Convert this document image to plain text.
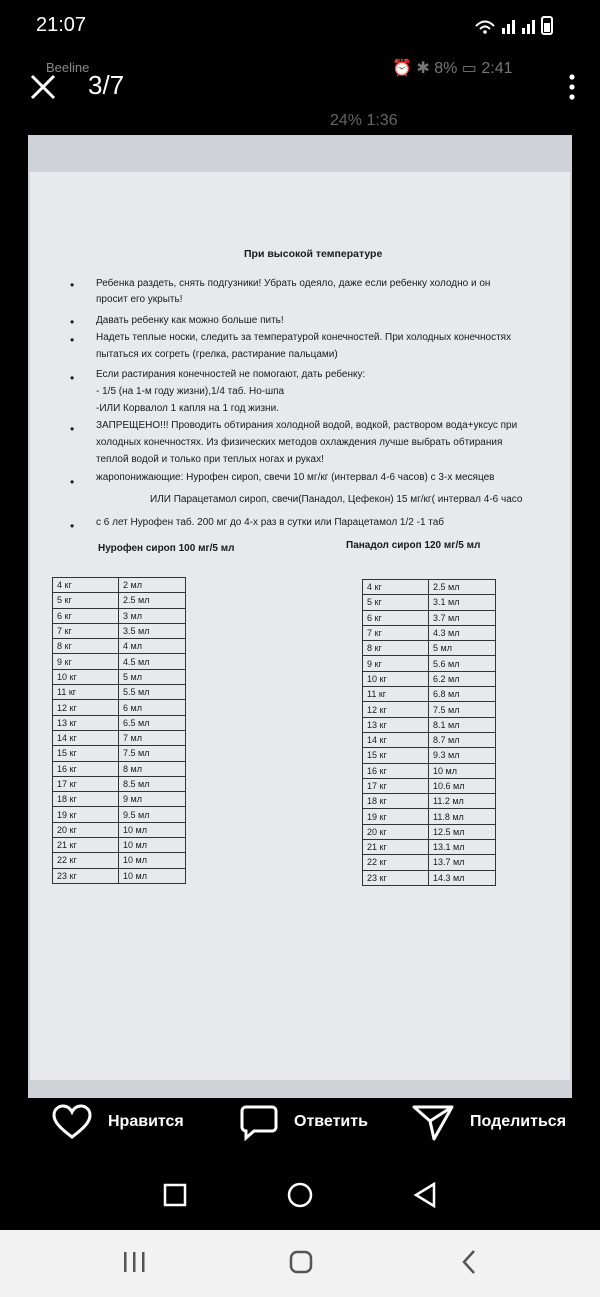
21:07
3/7
Beeline	⏰ ✱ 8% ▭ 2:41
24% 1:36
При высокой температуре
• Ребенка раздеть, снять подгузники! Убрать одеяло, даже если ребенку холодно и он
просит его укрыть!
• Давать ребенку как можно больше пить!
• Надеть теплые носки, следить за температурой конечностей. При холодных конечностях
пытаться их согреть (грелка, растирание пальцами)
• Если растирания конечностей не помогают, дать ребенку:
- 1/5 (на 1-м году жизни),1/4 таб. Но-шпа
-ИЛИ Корвалол 1 капля на 1 год жизни.
• ЗАПРЕЩЕНО!!! Проводить обтирания холодной водой, водкой, раствором вода+уксус при
холодных конечностях. Из физических методов охлаждения лучше выбрать обтирания
теплой водой и только при теплых ногах и руках!
• жаропонижающие: Нурофен сироп, свечи 10 мг/кг (интервал 4-6 часов) с 3-х месяцев
ИЛИ Парацетамол сироп, свечи(Панадол, Цефекон) 15 мг/кг( интервал 4-6 часо
• с 6 лет Нурофен таб. 200 мг до 4-х раз в сутки или Парацетамол 1/2 -1 таб
Нурофен сироп 100 мг/5 мл	Панадол сироп 120 мг/5 мл
4 кг	2 мл
5 кг	2.5 мл
6 кг	3 мл
7 кг	3.5 мл
8 кг	4 мл
9 кг	4.5 мл
10 кг	5 мл
11 кг	5.5 мл
12 кг	6 мл
13 кг	6.5 мл
14 кг	7 мл
15 кг	7.5 мл
16 кг	8 мл
17 кг	8.5 мл
18 кг	9 мл
19 кг	9.5 мл
20 кг	10 мл
21 кг	10 мл
22 кг	10 мл
23 кг	10 мл
4 кг	2.5 мл
5 кг	3.1 мл
6 кг	3.7 мл
7 кг	4.3 мл
8 кг	5 мл
9 кг	5.6 мл
10 кг	6.2 мл
11 кг	6.8 мл
12 кг	7.5 мл
13 кг	8.1 мл
14 кг	8.7 мл
15 кг	9.3 мл
16 кг	10 мл
17 кг	10.6 мл
18 кг	11.2 мл
19 кг	11.8 мл
20 кг	12.5 мл
21 кг	13.1 мл
22 кг	13.7 мл
23 кг	14.3 мл
Нравится	Ответить	Поделиться
